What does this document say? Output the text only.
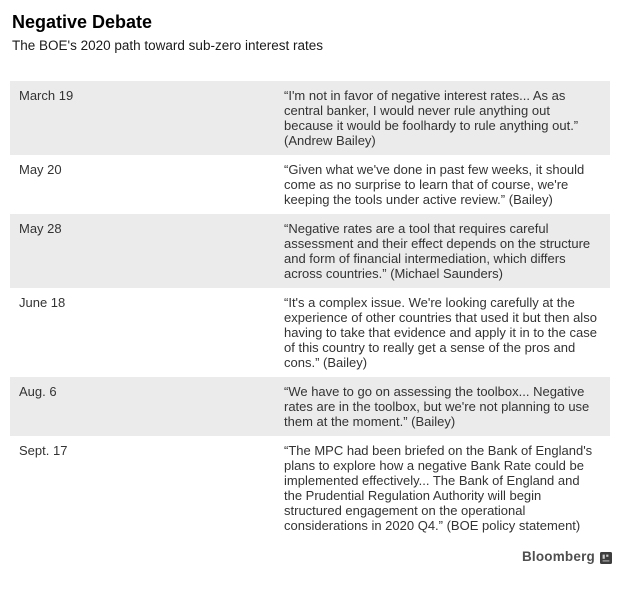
Negative Debate

The BOE's 2020 path toward sub-zero interest rates

March 19	“I'm not in favor of negative interest rates... As as central banker, I would never rule anything out because it would be foolhardy to rule anything out.” (Andrew Bailey)
May 20	“Given what we've done in past few weeks, it should come as no surprise to learn that of course, we're keeping the tools under active review.” (Bailey)
May 28	“Negative rates are a tool that requires careful assessment and their effect depends on the structure and form of financial intermediation, which differs across countries.” (Michael Saunders)
June 18	“It's a complex issue. We're looking carefully at the experience of other countries that used it but then also having to take that evidence and apply it in to the case of this country to really get a sense of the pros and cons.” (Bailey)
Aug. 6	“We have to go on assessing the toolbox... Negative rates are in the toolbox, but we're not planning to use them at the moment.” (Bailey)
Sept. 17	“The MPC had been briefed on the Bank of England's plans to explore how a negative Bank Rate could be implemented effectively... The Bank of England and the Prudential Regulation Authority will begin structured engagement on the operational considerations in 2020 Q4.” (BOE policy statement)
Bloomberg
